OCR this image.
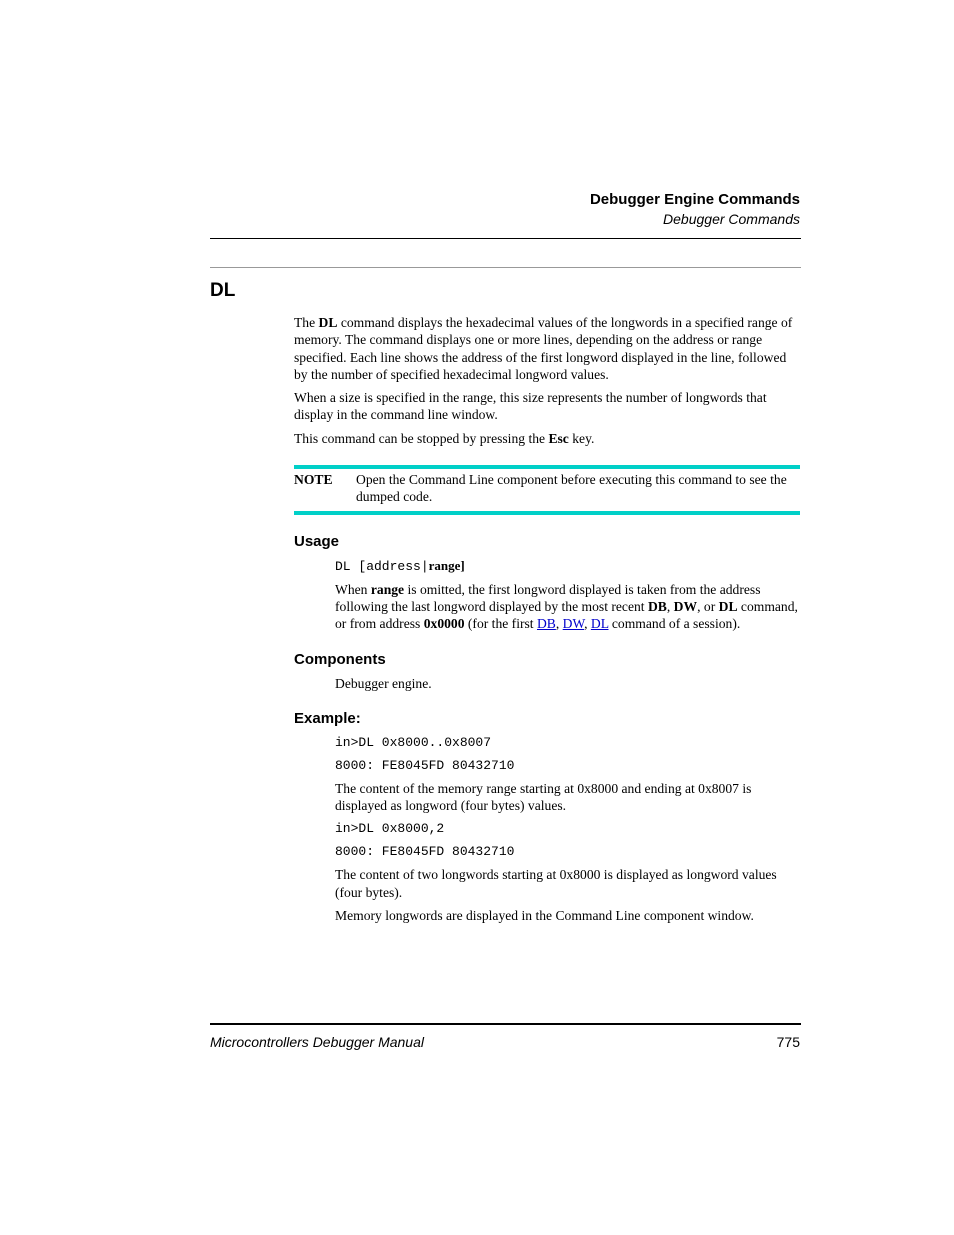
Debugger Engine Commands
Debugger Commands
DL

The DL command displays the hexadecimal values of the longwords in a specified range of memory. The command displays one or more lines, depending on the address or range specified. Each line shows the address of the first longword displayed in the line, followed by the number of specified hexadecimal longword values.

When a size is specified in the range, this size represents the number of longwords that display in the command line window.

This command can be stopped by pressing the Esc key.

NOTE	Open the Command Line component before executing this command to see the dumped code.
Usage
DL [address|range]

When range is omitted, the first longword displayed is taken from the address following the last longword displayed by the most recent DB, DW, or DL command, or from address 0x0000 (for the first DB, DW, DL command of a session).

Components

Debugger engine.

Example:
in>DL 0x8000..0x8007
8000: FE8045FD 80432710

The content of the memory range starting at 0x8000 and ending at 0x8007 is displayed as longword (four bytes) values.

in>DL 0x8000,2
8000: FE8045FD 80432710

The content of two longwords starting at 0x8000 is displayed as longword values (four bytes).

Memory longwords are displayed in the Command Line component window.

Microcontrollers Debugger Manual	775
